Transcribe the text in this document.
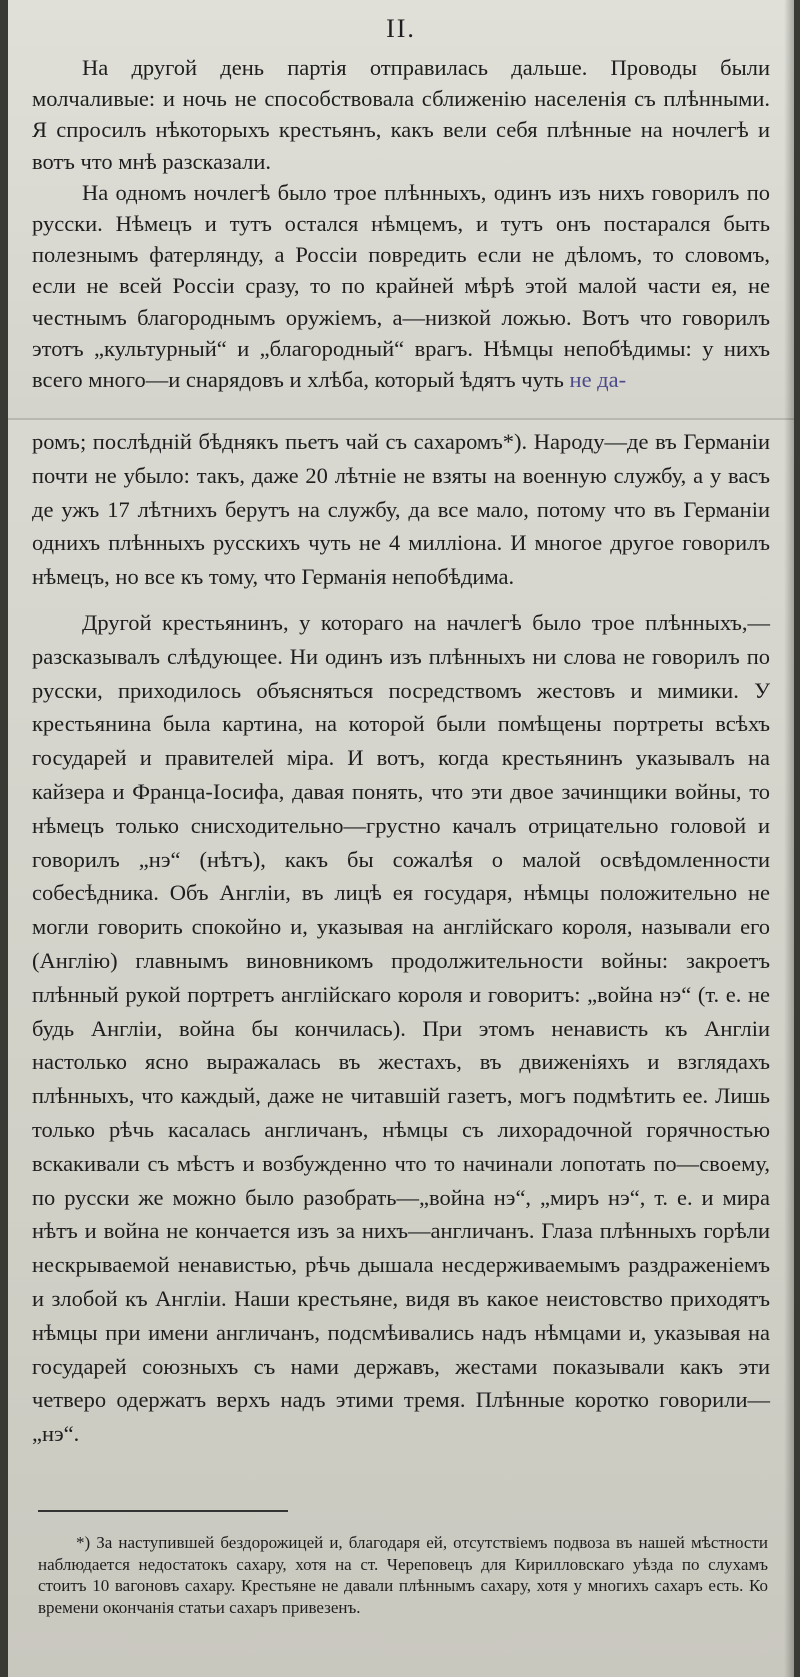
II.

На другой день партія отправилась дальше. Проводы были молчаливые: и ночь не способствовала сближенію населенія съ плѣнными. Я спросилъ нѣкоторыхъ крестьянъ, какъ вели себя плѣнные на ночлегѣ и вотъ что мнѣ разсказали.

На одномъ ночлегѣ было трое плѣнныхъ, одинъ изъ нихъ говорилъ по русски. Нѣмецъ и тутъ остался нѣмцемъ, и тутъ онъ постарался быть полезнымъ фатерлянду, а Россіи повредить если не дѣломъ, то словомъ, если не всей Россіи сразу, то по крайней мѣрѣ этой малой части ея, не честнымъ благороднымъ оружіемъ, а—низкой ложью. Вотъ что говорилъ этотъ „культурный“ и „благородный“ врагъ. Нѣмцы непобѣдимы: у нихъ всего много—и снарядовъ и хлѣба, который ѣдятъ чуть не да-

ромъ; послѣдній бѣднякъ пьетъ чай съ сахаромъ*). Народу—де въ Германіи почти не убыло: такъ, даже 20 лѣтніе не взяты на военную службу, а у васъ де ужъ 17 лѣтнихъ берутъ на службу, да все мало, потому что въ Германіи однихъ плѣнныхъ русскихъ чуть не 4 милліона. И многое другое говорилъ нѣмецъ, но все къ тому, что Германія непобѣдима.

Другой крестьянинъ, у котораго на начлегѣ было трое плѣнныхъ,—разсказывалъ слѣдующее. Ни одинъ изъ плѣнныхъ ни слова не говорилъ по русски, приходилось объясняться посредствомъ жестовъ и мимики. У крестьянина была картина, на которой были помѣщены портреты всѣхъ государей и правителей міра. И вотъ, когда крестьянинъ указывалъ на кайзера и Франца-Іосифа, давая понять, что эти двое зачинщики войны, то нѣмецъ только снисходительно—грустно качалъ отрицательно головой и говорилъ „нэ“ (нѣтъ), какъ бы сожалѣя о малой освѣдомленности собесѣдника. Объ Англіи, въ лицѣ ея государя, нѣмцы положительно не могли говорить спокойно и, указывая на англійскаго короля, называли его (Англію) главнымъ виновникомъ продолжительности войны: закроетъ плѣнный рукой портретъ англійскаго короля и говоритъ: „война нэ“ (т. е. не будь Англіи, война бы кончилась). При этомъ ненависть къ Англіи настолько ясно выражалась въ жестахъ, въ движеніяхъ и взглядахъ плѣнныхъ, что каждый, даже не читавшій газетъ, могъ подмѣтить ее. Лишь только рѣчь касалась англичанъ, нѣмцы съ лихорадочной горячностью вскакивали съ мѣстъ и возбужденно что то начинали лопотать по—своему, по русски же можно было разобрать—„война нэ“, „миръ нэ“, т. е. и мира нѣтъ и война не кончается изъ за нихъ—англичанъ. Глаза плѣнныхъ горѣли нескрываемой ненавистью, рѣчь дышала несдерживаемымъ раздраженіемъ и злобой къ Англіи. Наши крестьяне, видя въ какое неистовство приходятъ нѣмцы при имени англичанъ, подсмѣивались надъ нѣмцами и, указывая на государей союзныхъ съ нами державъ, жестами показывали какъ эти четверо одержатъ верхъ надъ этими тремя. Плѣнные коротко говорили—„нэ“.

*) За наступившей бездорожицей и, благодаря ей, отсутствіемъ подвоза въ нашей мѣстности наблюдается недостатокъ сахару, хотя на ст. Череповецъ для Кирилловскаго уѣзда по слухамъ стоитъ 10 вагоновъ сахару. Крестьяне не давали плѣннымъ сахару, хотя у многихъ сахаръ есть. Ко времени окончанія статьи сахаръ привезенъ.
